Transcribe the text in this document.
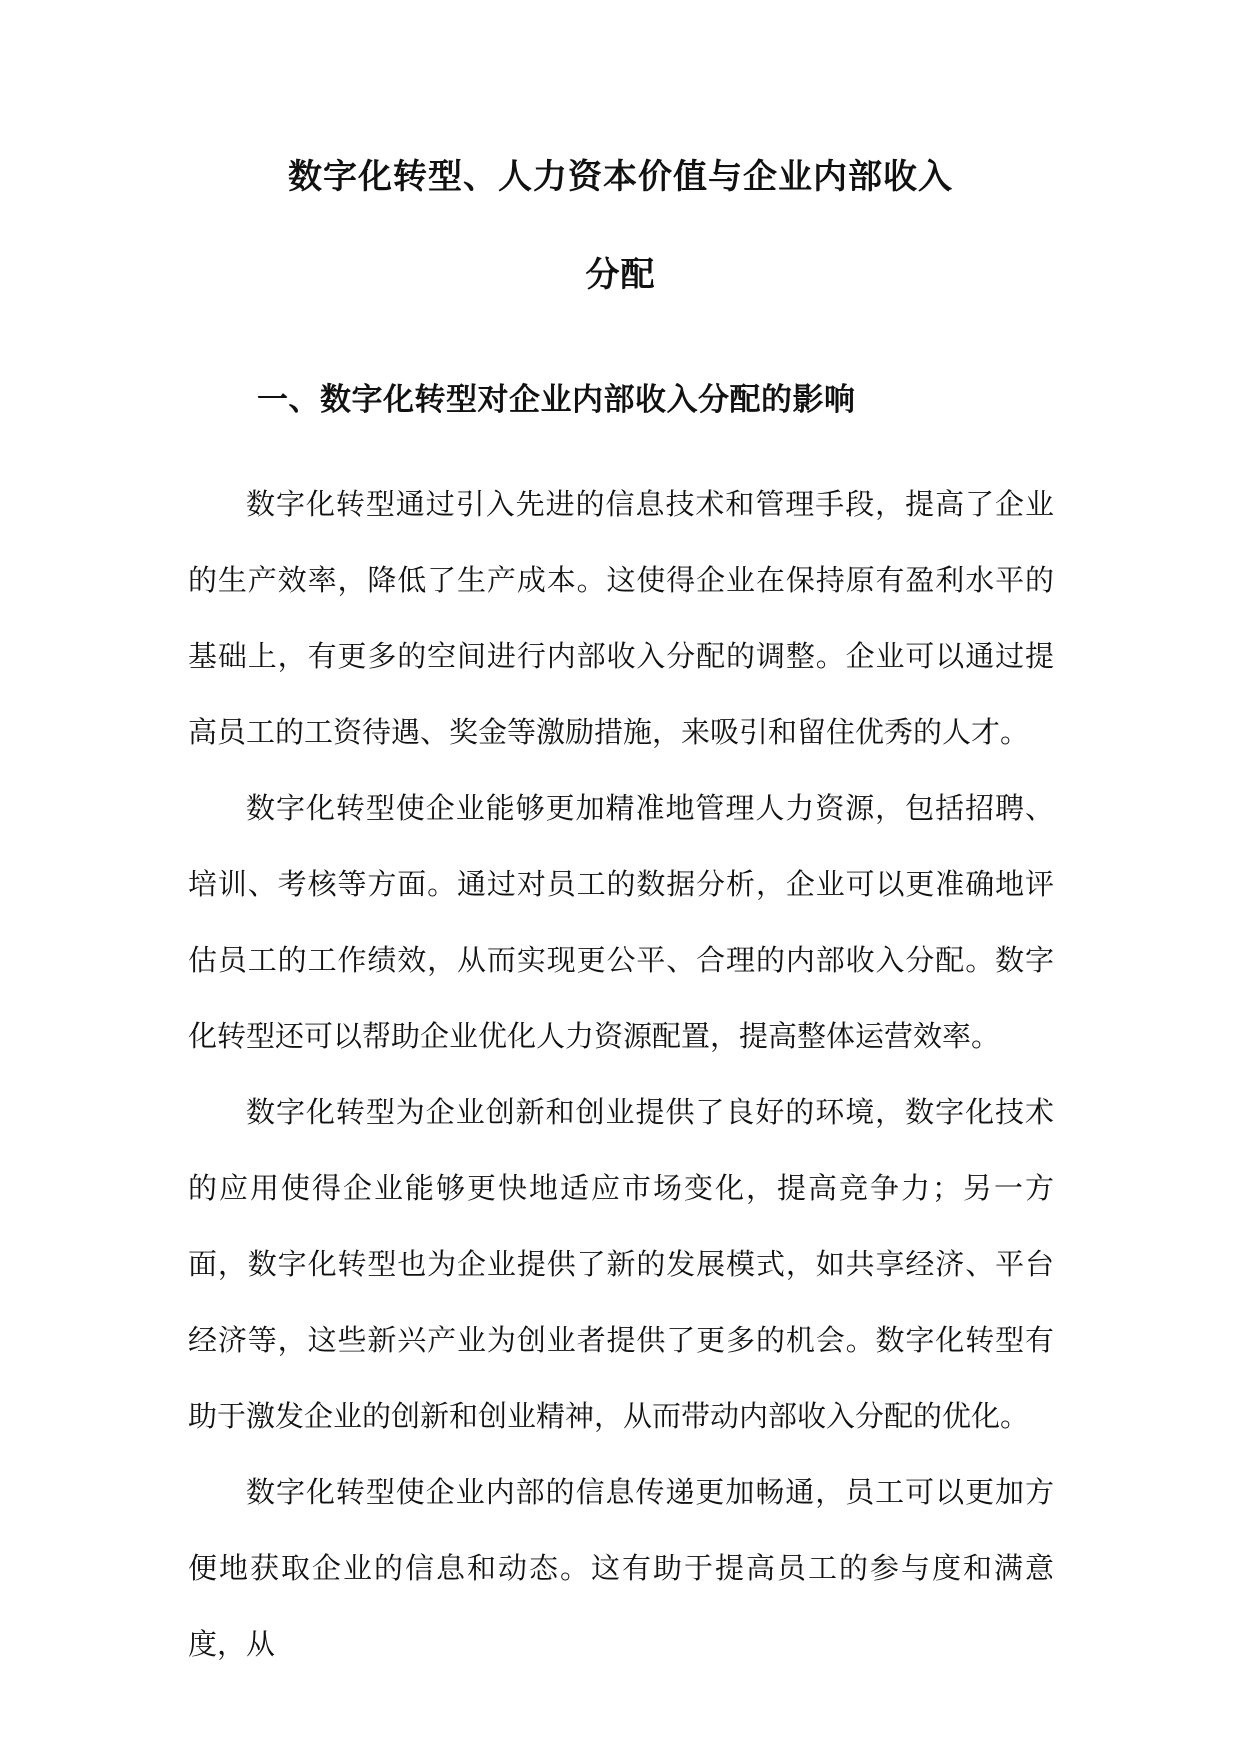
数字化转型、人力资本价值与企业内部收入
分配
一、数字化转型对企业内部收入分配的影响

数字化转型通过引入先进的信息技术和管理手段，提高了企业的生产效率，降低了生产成本。这使得企业在保持原有盈利水平的基础上，有更多的空间进行内部收入分配的调整。企业可以通过提高员工的工资待遇、奖金等激励措施，来吸引和留住优秀的人才。

数字化转型使企业能够更加精准地管理人力资源，包括招聘、培训、考核等方面。通过对员工的数据分析，企业可以更准确地评估员工的工作绩效，从而实现更公平、合理的内部收入分配。数字化转型还可以帮助企业优化人力资源配置，提高整体运营效率。

数字化转型为企业创新和创业提供了良好的环境，数字化技术的应用使得企业能够更快地适应市场变化，提高竞争力；另一方面，数字化转型也为企业提供了新的发展模式，如共享经济、平台经济等，这些新兴产业为创业者提供了更多的机会。数字化转型有助于激发企业的创新和创业精神，从而带动内部收入分配的优化。

数字化转型使企业内部的信息传递更加畅通，员工可以更加方便地获取企业的信息和动态。这有助于提高员工的参与度和满意度，从
